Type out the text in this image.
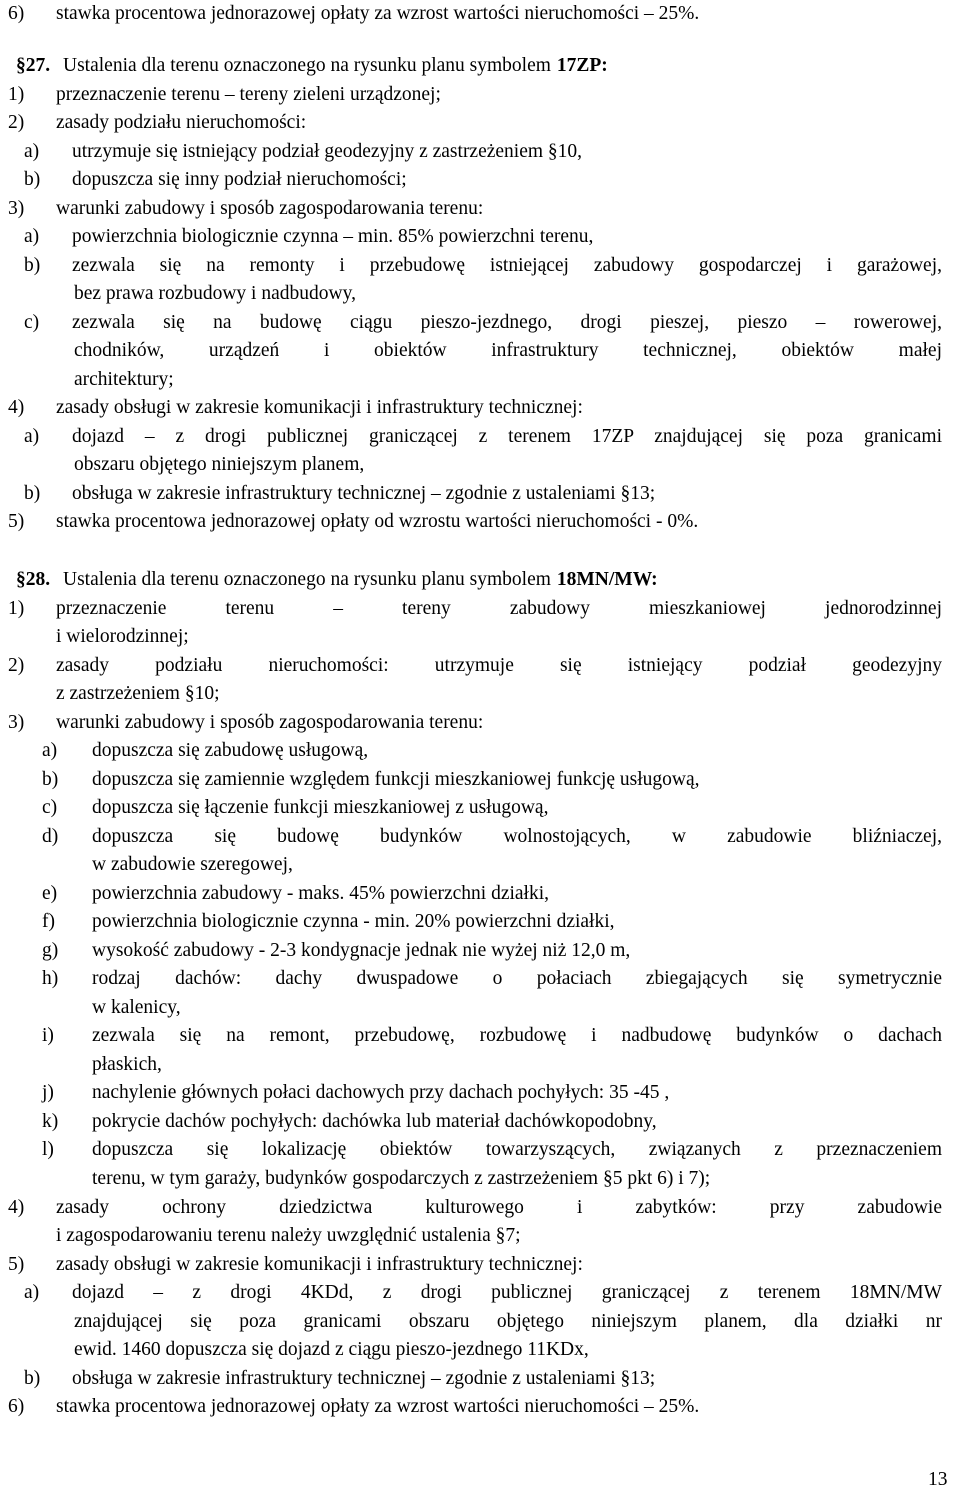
6)	stawka procentowa jednorazowej opłaty za wzrost wartości nieruchomości – 25%.
§27. Ustalenia dla terenu oznaczonego na rysunku planu symbolem 17ZP:
1)	przeznaczenie terenu – tereny zieleni urządzonej;
2)	zasady podziału nieruchomości:
a)	utrzymuje się istniejący podział geodezyjny z zastrzeżeniem §10,
b)	dopuszcza się inny podział nieruchomości;
3)	warunki zabudowy i sposób zagospodarowania terenu:
a)	powierzchnia biologicznie czynna – min. 85% powierzchni terenu,
b)	zezwala się na remonty i przebudowę istniejącej zabudowy gospodarczej i garażowej,
bez prawa rozbudowy i nadbudowy,
c)	zezwala się na budowę ciągu pieszo-jezdnego, drogi pieszej, pieszo – rowerowej,
chodników, urządzeń i obiektów infrastruktury technicznej, obiektów małej
architektury;
4)	zasady obsługi w zakresie komunikacji i infrastruktury technicznej:
a)	dojazd – z drogi publicznej graniczącej z terenem 17ZP znajdującej się poza granicami
obszaru objętego niniejszym planem,
b)	obsługa w zakresie infrastruktury technicznej – zgodnie z ustaleniami §13;
5)	stawka procentowa jednorazowej opłaty od wzrostu wartości nieruchomości - 0%.
§28. Ustalenia dla terenu oznaczonego na rysunku planu symbolem 18MN/MW:
1)	przeznaczenie terenu – tereny zabudowy mieszkaniowej jednorodzinnej
i wielorodzinnej;
2)	zasady podziału nieruchomości: utrzymuje się istniejący podział geodezyjny
z zastrzeżeniem §10;
3)	warunki zabudowy i sposób zagospodarowania terenu:
a)	dopuszcza się zabudowę usługową,
b)	dopuszcza się zamiennie względem funkcji mieszkaniowej funkcję usługową,
c)	dopuszcza się łączenie funkcji mieszkaniowej z usługową,
d)	dopuszcza się budowę budynków wolnostojących, w zabudowie bliźniaczej,
w zabudowie szeregowej,
e)	powierzchnia zabudowy - maks. 45% powierzchni działki,
f)	powierzchnia biologicznie czynna - min. 20% powierzchni działki,
g)	wysokość zabudowy - 2-3 kondygnacje jednak nie wyżej niż 12,0 m,
h)	rodzaj dachów: dachy dwuspadowe o połaciach zbiegających się symetrycznie
w kalenicy,
i)	zezwala się na remont, przebudowę, rozbudowę i nadbudowę budynków o dachach
płaskich,
j)	nachylenie głównych połaci dachowych przy dachach pochyłych: 35 -45 ,
k)	pokrycie dachów pochyłych: dachówka lub materiał dachówkopodobny,
l)	dopuszcza się lokalizację obiektów towarzyszących, związanych z przeznaczeniem
terenu, w tym garaży, budynków gospodarczych z zastrzeżeniem §5 pkt 6) i 7);
4)	zasady ochrony dziedzictwa kulturowego i zabytków: przy zabudowie
i zagospodarowaniu terenu należy uwzględnić ustalenia §7;
5)	zasady obsługi w zakresie komunikacji i infrastruktury technicznej:
a)	dojazd – z drogi 4KDd, z drogi publicznej graniczącej z terenem 18MN/MW
znajdującej się poza granicami obszaru objętego niniejszym planem, dla działki nr
ewid. 1460 dopuszcza się dojazd z ciągu pieszo-jezdnego 11KDx,
b)	obsługa w zakresie infrastruktury technicznej – zgodnie z ustaleniami §13;
6)	stawka procentowa jednorazowej opłaty za wzrost wartości nieruchomości – 25%.
13
